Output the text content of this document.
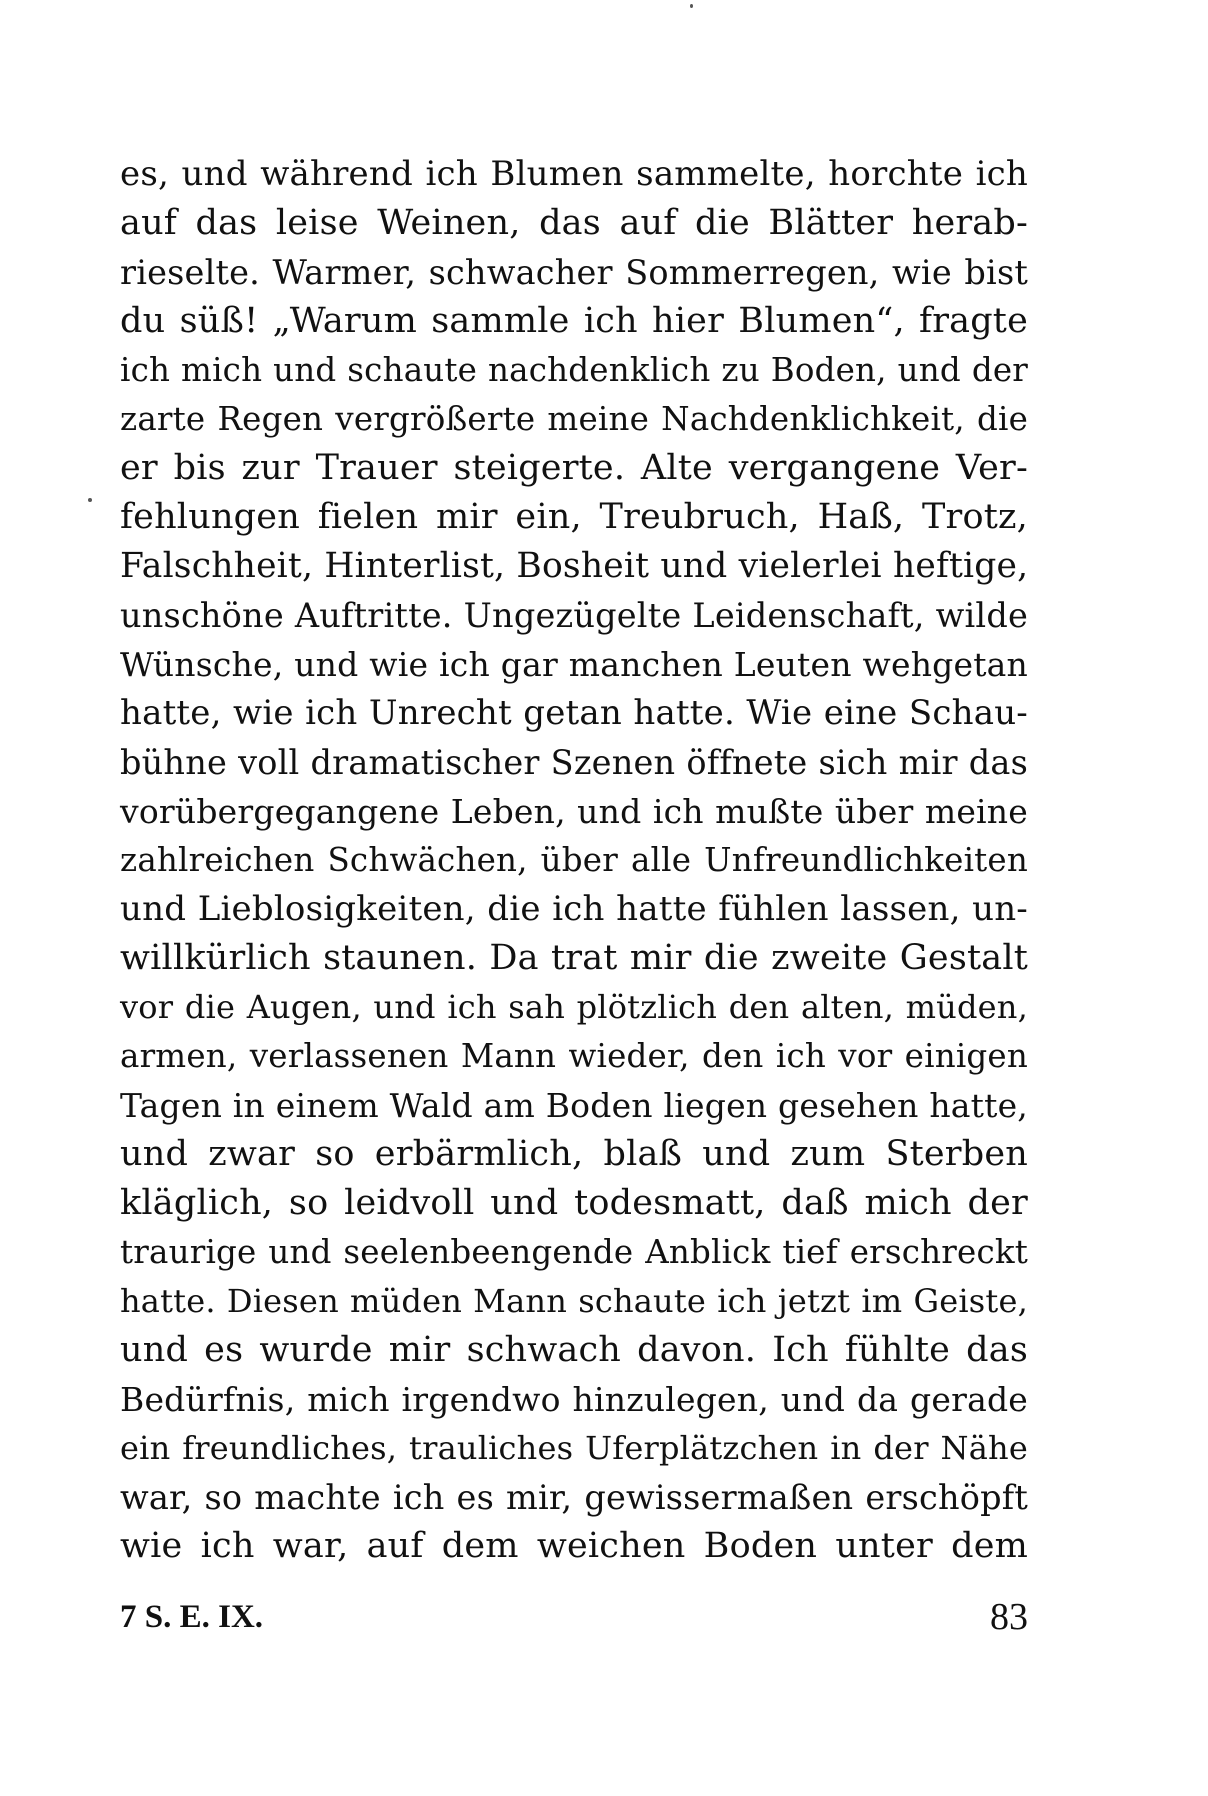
es, und während ich Blumen sammelte, horchte ich
auf das leise Weinen, das auf die Blätter herab-
rieselte. Warmer, schwacher Sommerregen, wie bist
du süß! „Warum sammle ich hier Blumen“, fragte
ich mich und schaute nachdenklich zu Boden, und der
zarte Regen vergrößerte meine Nachdenklichkeit, die
er bis zur Trauer steigerte. Alte vergangene Ver-
fehlungen fielen mir ein, Treubruch, Haß, Trotz,
Falschheit, Hinterlist, Bosheit und vielerlei heftige,
unschöne Auftritte. Ungezügelte Leidenschaft, wilde
Wünsche, und wie ich gar manchen Leuten wehgetan
hatte, wie ich Unrecht getan hatte. Wie eine Schau-
bühne voll dramatischer Szenen öffnete sich mir das
vorübergegangene Leben, und ich mußte über meine
zahlreichen Schwächen, über alle Unfreundlichkeiten
und Lieblosigkeiten, die ich hatte fühlen lassen, un-
willkürlich staunen. Da trat mir die zweite Gestalt
vor die Augen, und ich sah plötzlich den alten, müden,
armen, verlassenen Mann wieder, den ich vor einigen
Tagen in einem Wald am Boden liegen gesehen hatte,
und zwar so erbärmlich, blaß und zum Sterben
kläglich, so leidvoll und todesmatt, daß mich der
traurige und seelenbeengende Anblick tief erschreckt
hatte. Diesen müden Mann schaute ich jetzt im Geiste,
und es wurde mir schwach davon. Ich fühlte das
Bedürfnis, mich irgendwo hinzulegen, und da gerade
ein freundliches, trauliches Uferplätzchen in der Nähe
war, so machte ich es mir, gewissermaßen erschöpft
wie ich war, auf dem weichen Boden unter dem
7 S. E. IX.	83
